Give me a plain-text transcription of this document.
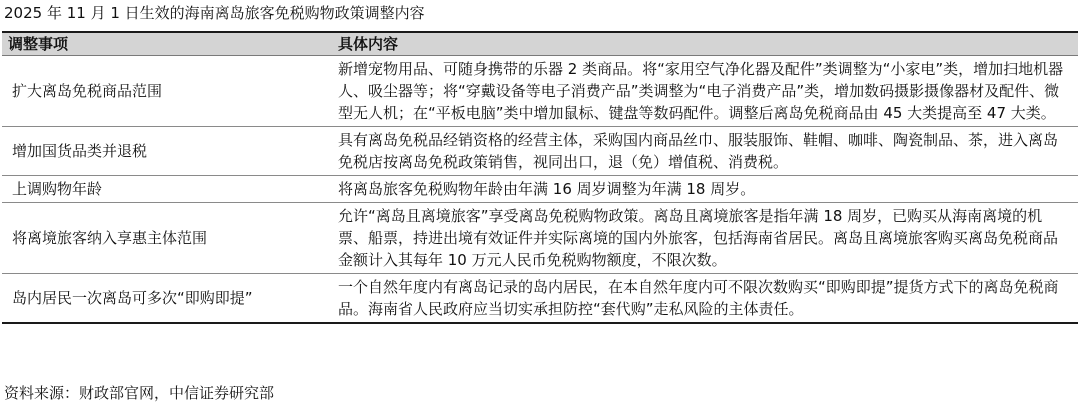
2025 年 11 月 1 日生效的海南离岛旅客免税购物政策调整内容
调整事项	具体内容
扩大离岛免税商品范围	新增宠物用品、可随身携带的乐器 2 类商品。将“家用空气净化器及配件”类调整为“小家电”类，增加扫地机器人、吸尘器等；将“穿戴设备等电子消费产品”类调整为“电子消费产品”类，增加数码摄影摄像器材及配件、微型无人机；在“平板电脑”类中增加鼠标、键盘等数码配件。调整后离岛免税商品由 45 大类提高至 47 大类。
增加国货品类并退税	具有离岛免税品经销资格的经营主体，采购国内商品丝巾、服装服饰、鞋帽、咖啡、陶瓷制品、茶，进入离岛免税店按离岛免税政策销售，视同出口，退（免）增值税、消费税。
上调购物年龄	将离岛旅客免税购物年龄由年满 16 周岁调整为年满 18 周岁。
将离境旅客纳入享惠主体范围	允许“离岛且离境旅客”享受离岛免税购物政策。离岛且离境旅客是指年满 18 周岁，已购买从海南离境的机票、船票，持进出境有效证件并实际离境的国内外旅客，包括海南省居民。离岛且离境旅客购买离岛免税商品金额计入其每年 10 万元人民币免税购物额度，不限次数。
岛内居民一次离岛可多次“即购即提”	一个自然年度内有离岛记录的岛内居民，在本自然年度内可不限次数购买“即购即提”提货方式下的离岛免税商品。海南省人民政府应当切实承担防控“套代购”走私风险的主体责任。
资料来源：财政部官网，中信证券研究部
